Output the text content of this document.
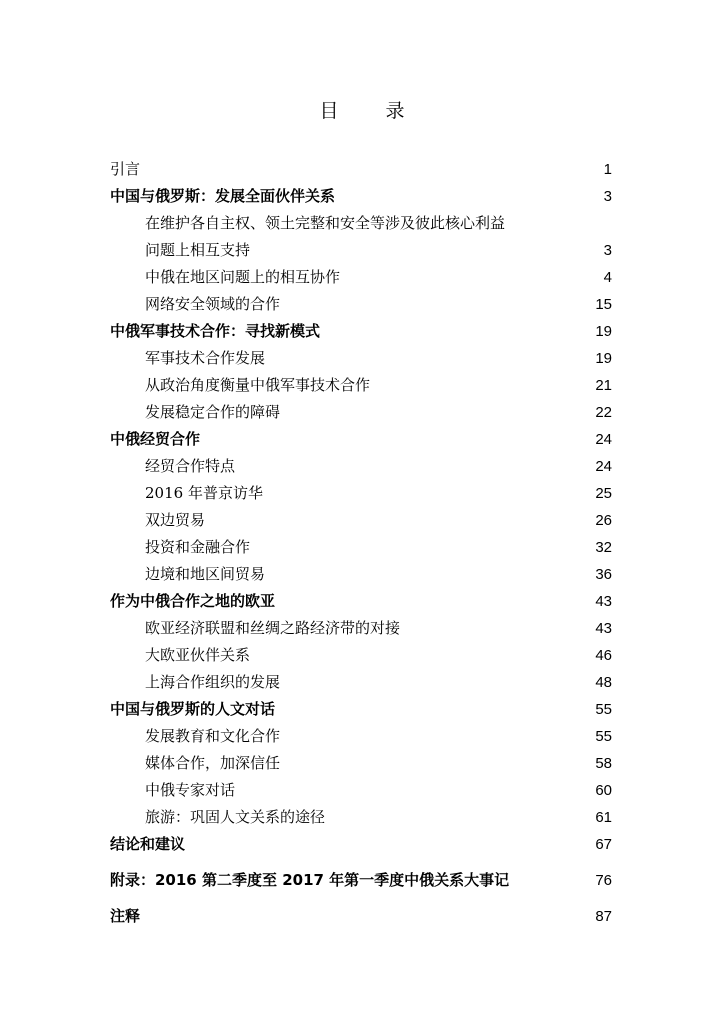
目　录
引言	1
中国与俄罗斯：发展全面伙伴关系	3
在维护各自主权、领土完整和安全等涉及彼此核心利益
问题上相互支持	3
中俄在地区问题上的相互协作	4
网络安全领域的合作	15
中俄军事技术合作：寻找新模式	19
军事技术合作发展	19
从政治角度衡量中俄军事技术合作	21
发展稳定合作的障碍	22
中俄经贸合作	24
经贸合作特点	24
2016 年普京访华	25
双边贸易	26
投资和金融合作	32
边境和地区间贸易	36
作为中俄合作之地的欧亚	43
欧亚经济联盟和丝绸之路经济带的对接	43
大欧亚伙伴关系	46
上海合作组织的发展	48
中国与俄罗斯的人文对话	55
发展教育和文化合作	55
媒体合作，加深信任	58
中俄专家对话	60
旅游：巩固人文关系的途径	61
结论和建议	67
附录：2016 第二季度至 2017 年第一季度中俄关系大事记	76
注释	87
